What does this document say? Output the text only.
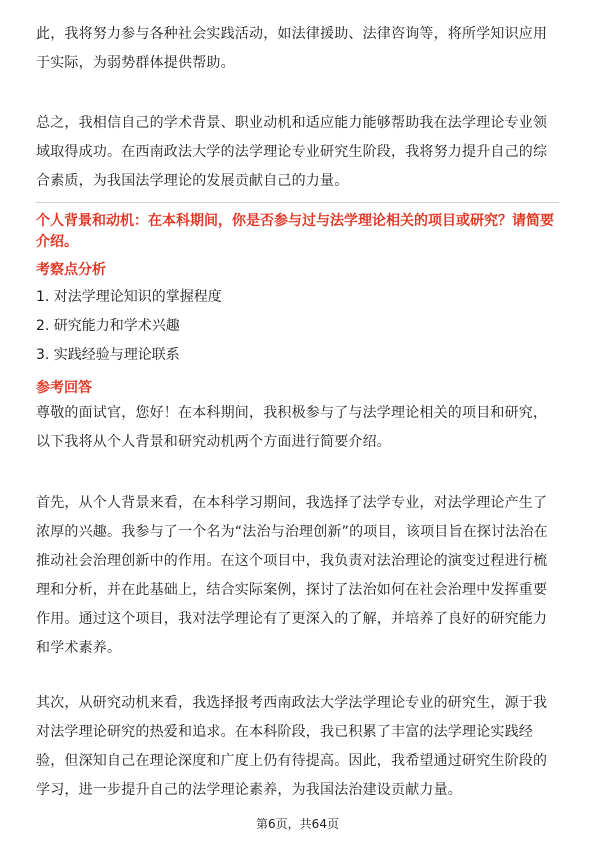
此，我将努力参与各种社会实践活动，如法律援助、法律咨询等，将所学知识应用于实际，为弱势群体提供帮助。

总之，我相信自己的学术背景、职业动机和适应能力能够帮助我在法学理论专业领域取得成功。在西南政法大学的法学理论专业研究生阶段，我将努力提升自己的综合素质，为我国法学理论的发展贡献自己的力量。

个人背景和动机：在本科期间，你是否参与过与法学理论相关的项目或研究？请简要介绍。

考察点分析

1. 对法学理论知识的掌握程度

2. 研究能力和学术兴趣

3. 实践经验与理论联系

参考回答

尊敬的面试官，您好！在本科期间，我积极参与了与法学理论相关的项目和研究，以下我将从个人背景和研究动机两个方面进行简要介绍。

首先，从个人背景来看，在本科学习期间，我选择了法学专业，对法学理论产生了浓厚的兴趣。我参与了一个名为“法治与治理创新”的项目，该项目旨在探讨法治在推动社会治理创新中的作用。在这个项目中，我负责对法治理论的演变过程进行梳理和分析，并在此基础上，结合实际案例，探讨了法治如何在社会治理中发挥重要作用。通过这个项目，我对法学理论有了更深入的了解，并培养了良好的研究能力和学术素养。

其次，从研究动机来看，我选择报考西南政法大学法学理论专业的研究生，源于我对法学理论研究的热爱和追求。在本科阶段，我已积累了丰富的法学理论实践经验，但深知自己在理论深度和广度上仍有待提高。因此，我希望通过研究生阶段的学习，进一步提升自己的法学理论素养，为我国法治建设贡献力量。

第6页，共64页
